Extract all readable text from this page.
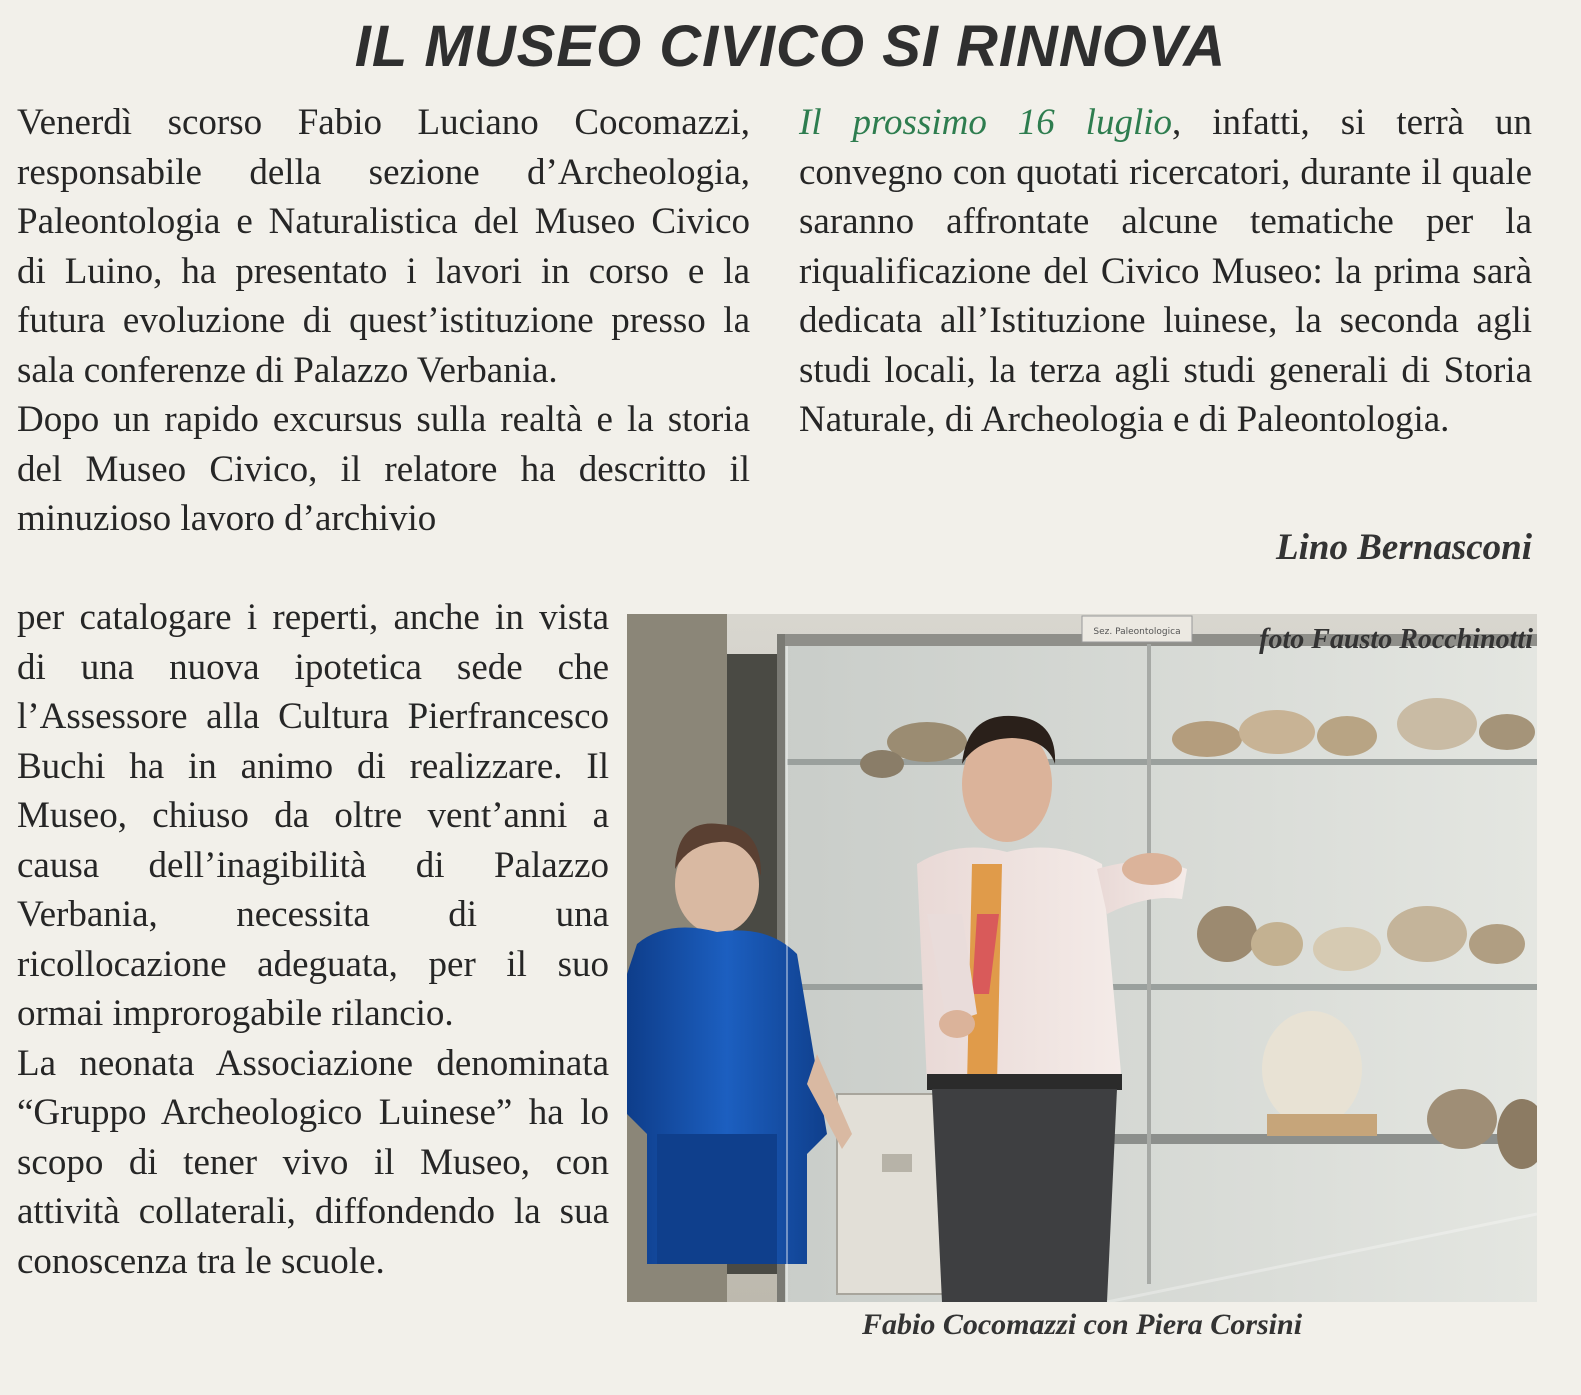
IL MUSEO CIVICO SI RINNOVA

Venerdì scorso Fabio Luciano Cocomazzi, responsabile della sezione d’Archeologia, Paleontologia e Naturalistica del Museo Civico di Luino, ha presentato i lavori in corso e la futura evoluzione di quest’istituzione presso la sala conferenze di Palazzo Verbania.

Dopo un rapido excursus sulla realtà e la storia del Museo Civico, il relatore ha descritto il minuzioso lavoro d’archivio

per catalogare i reperti, anche in vista di una nuova ipotetica sede che l’Assessore alla Cultura Pierfrancesco Buchi ha in animo di realizzare. Il Museo, chiuso da oltre vent’anni a causa dell’inagibilità di Palazzo Verbania, necessita di una ricollocazione adeguata, per il suo ormai improrogabile rilancio.

La neonata Associazione denominata “Gruppo Archeologico Luinese” ha lo scopo di tener vivo il Museo, con attività collaterali, diffondendo la sua conoscenza tra le scuole.

Il prossimo 16 luglio, infatti, si terrà un convegno con quotati ricercatori, durante il quale saranno affrontate alcune tematiche per la riqualificazione del Civico Museo: la prima sarà dedicata all’Istituzione luinese, la seconda agli studi locali, la terza agli studi generali di Storia Naturale, di Archeologia e di Paleontologia.

Lino Bernasconi

Sez. Paleontologica	foto Fausto Rocchinotti

Fabio Cocomazzi con Piera Corsini
